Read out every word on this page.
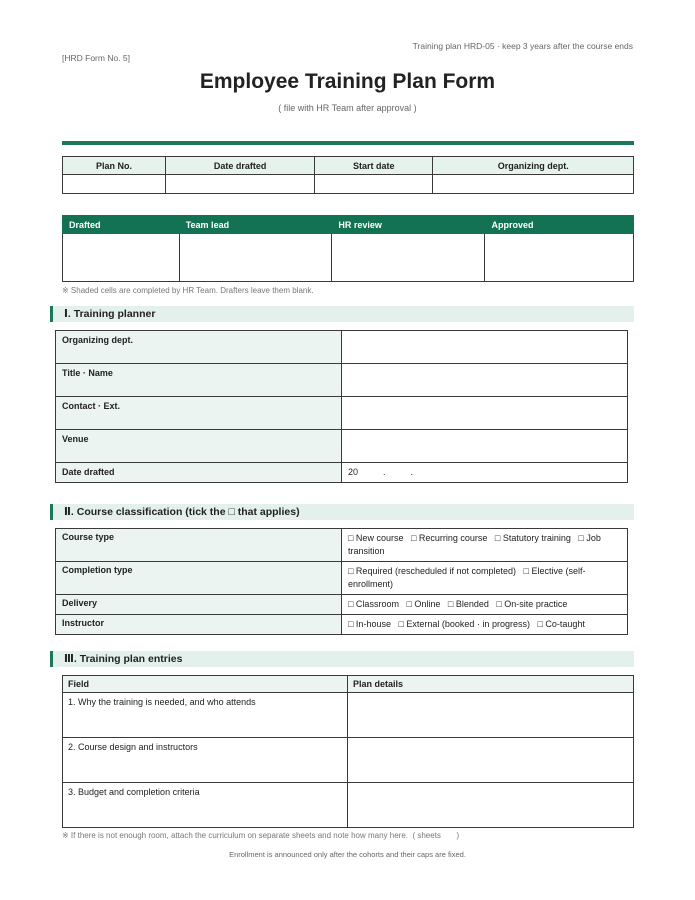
Training plan HRD-05 · keep 3 years after the course ends
[HRD Form No. 5]
Employee Training Plan Form
( file with HR Team after approval )
Plan No.	Date drafted	Start date	Organizing dept.

Drafted	Team lead	HR review	Approved

※ Shaded cells are completed by HR Team. Drafters leave them blank.
Ⅰ. Training planner
Organizing dept.	
Title · Name	
Contact · Ext.	
Venue	
Date drafted	20          .          .
Ⅱ. Course classification (tick the □ that applies)
Course type	□ New course   □ Recurring course   □ Statutory training   □ Job transition
Completion type	□ Required (rescheduled if not completed)   □ Elective (self-enrollment)
Delivery	□ Classroom   □ Online   □ Blended   □ On-site practice
Instructor	□ In-house   □ External (booked · in progress)   □ Co-taught
Ⅲ. Training plan entries
Field	Plan details
1. Why the training is needed, and who attends	
2. Course design and instructors	
3. Budget and completion criteria	
※ If there is not enough room, attach the curriculum on separate sheets and note how many here.  ( sheets       )
Enrollment is announced only after the cohorts and their caps are fixed.
